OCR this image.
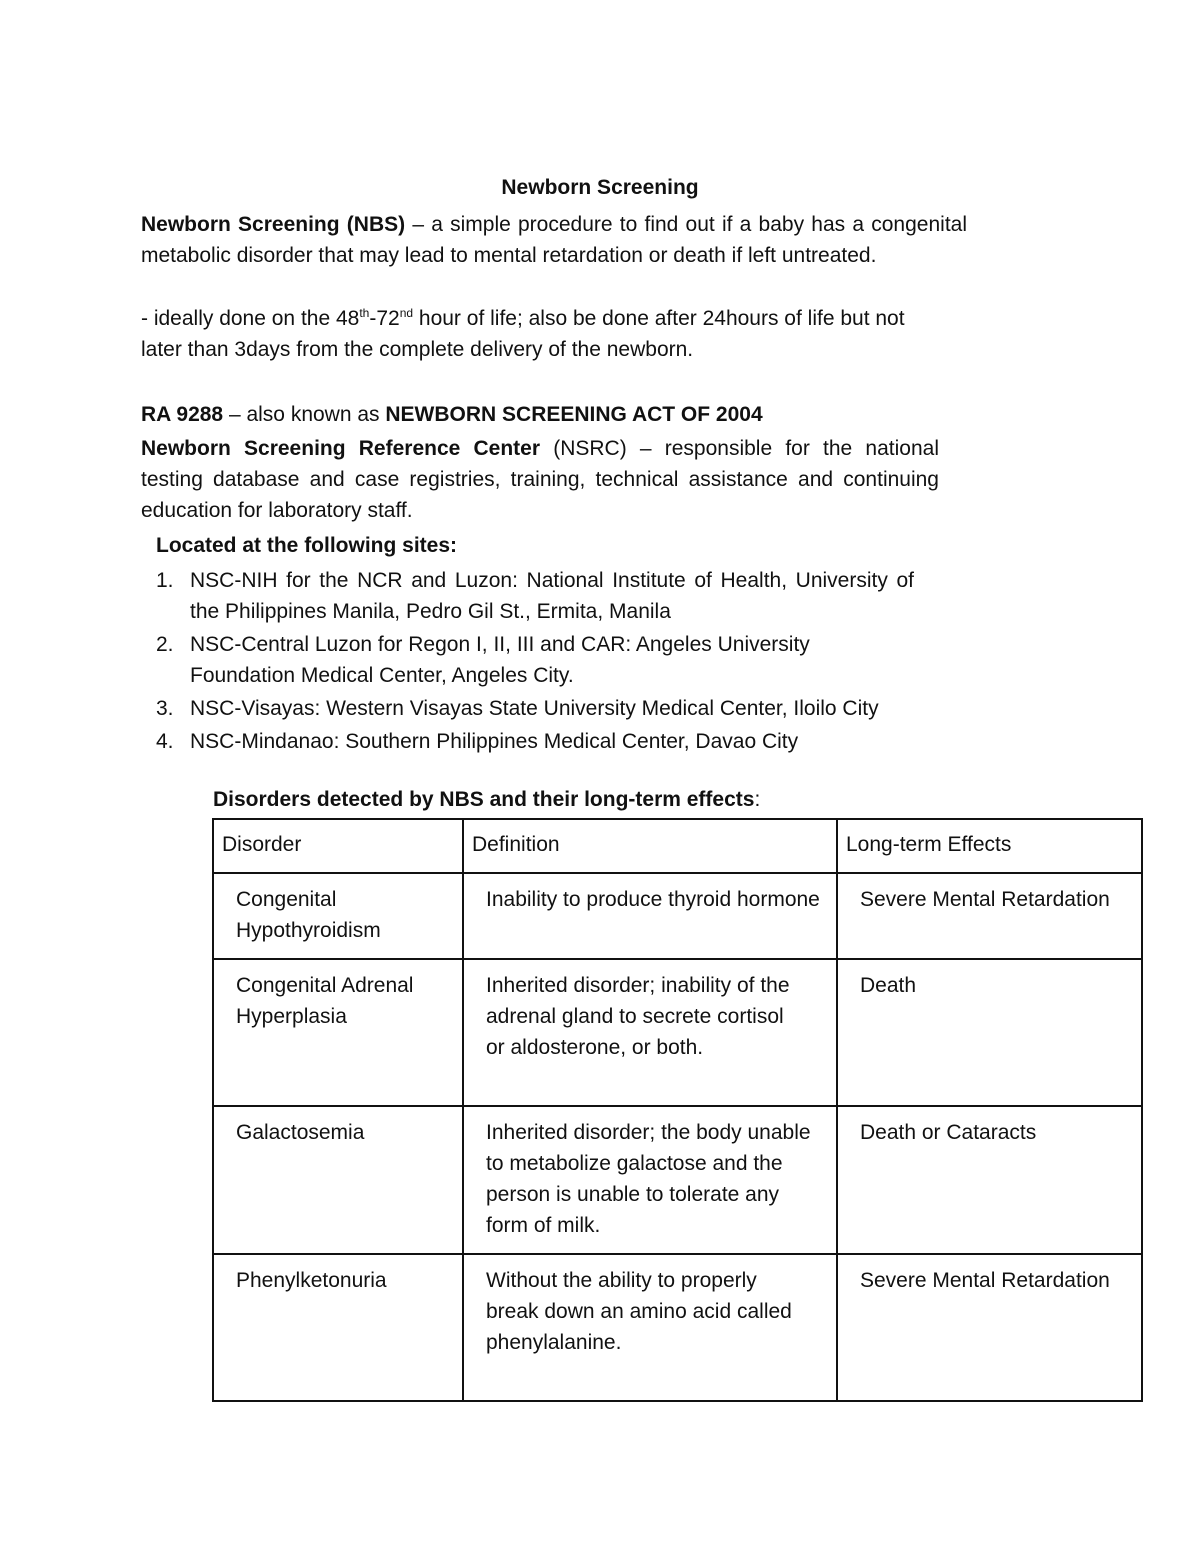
Newborn Screening
Newborn Screening (NBS) – a simple procedure to find out if a baby has a congenital metabolic disorder that may lead to mental retardation or death if left untreated.
- ideally done on the 48th-72nd hour of life; also be done after 24hours of life but not later than 3days from the complete delivery of the newborn.
RA 9288 – also known as NEWBORN SCREENING ACT OF 2004
Newborn Screening Reference Center (NSRC) – responsible for the national testing database and case registries, training, technical assistance and continuing education for laboratory staff.
Located at the following sites:
1. NSC-NIH for the NCR and Luzon: National Institute of Health, University of the Philippines Manila, Pedro Gil St., Ermita, Manila
2. NSC-Central Luzon for Regon I, II, III and CAR: Angeles University Foundation Medical Center, Angeles City.
3. NSC-Visayas: Western Visayas State University Medical Center, Iloilo City
4. NSC-Mindanao: Southern Philippines Medical Center, Davao City
Disorders detected by NBS and their long-term effects:
Disorder	Definition	Long-term Effects
Congenital Hypothyroidism	Inability to produce thyroid hormone	Severe Mental Retardation
Congenital Adrenal Hyperplasia	Inherited disorder; inability of the adrenal gland to secrete cortisol or aldosterone, or both.	Death
Galactosemia	Inherited disorder; the body unable to metabolize galactose and the person is unable to tolerate any form of milk.	Death or Cataracts
Phenylketonuria	Without the ability to properly break down an amino acid called phenylalanine.	Severe Mental Retardation
